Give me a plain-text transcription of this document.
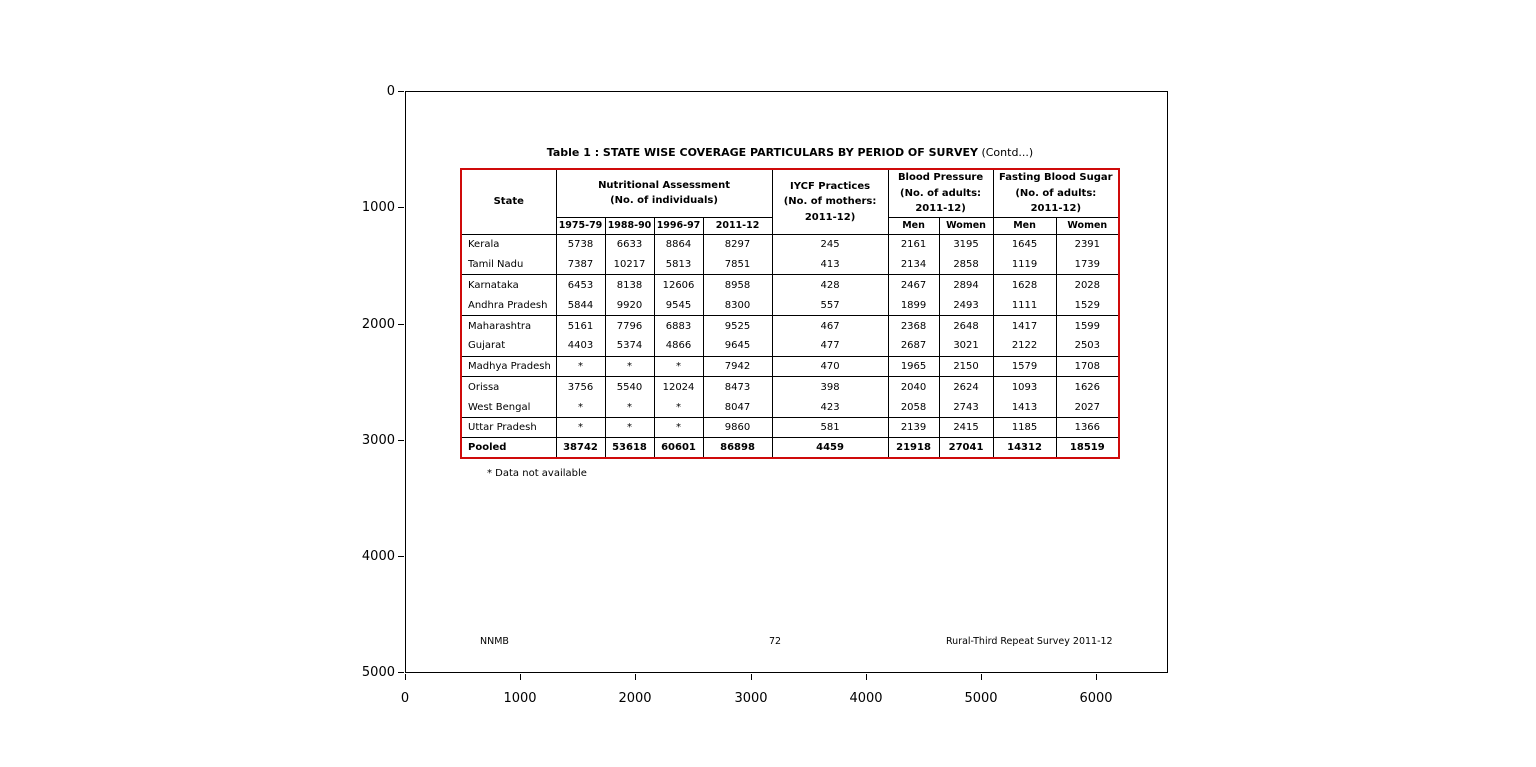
0
1000
2000
3000
4000
5000
0	1000	2000	3000	4000	5000	6000
Table 1 : STATE WISE COVERAGE PARTICULARS BY PERIOD OF SURVEY (Contd...)
State	
Nutritional Assessment
(No. of individuals)

IYCF Practices
(No. of mothers:
2011-12)

Blood Pressure
(No. of adults:
2011-12)

Fasting Blood Sugar
(No. of adults:
2011-12)

	1975-79	1988-90	1996-97	2011-12		Men	Women	Men	Women
Kerala	5738	6633	8864	8297	245	2161	3195	1645	2391
Tamil Nadu	7387	10217	5813	7851	413	2134	2858	1119	1739
Karnataka	6453	8138	12606	8958	428	2467	2894	1628	2028
Andhra Pradesh	5844	9920	9545	8300	557	1899	2493	1111	1529
Maharashtra	5161	7796	6883	9525	467	2368	2648	1417	1599
Gujarat	4403	5374	4866	9645	477	2687	3021	2122	2503
Madhya Pradesh	*	*	*	7942	470	1965	2150	1579	1708
Orissa	3756	5540	12024	8473	398	2040	2624	1093	1626
West Bengal	*	*	*	8047	423	2058	2743	1413	2027
Uttar Pradesh	*	*	*	9860	581	2139	2415	1185	1366
Pooled	38742	53618	60601	86898	4459	21918	27041	14312	18519
* Data not available
NNMB	72	Rural-Third Repeat Survey 2011-12
